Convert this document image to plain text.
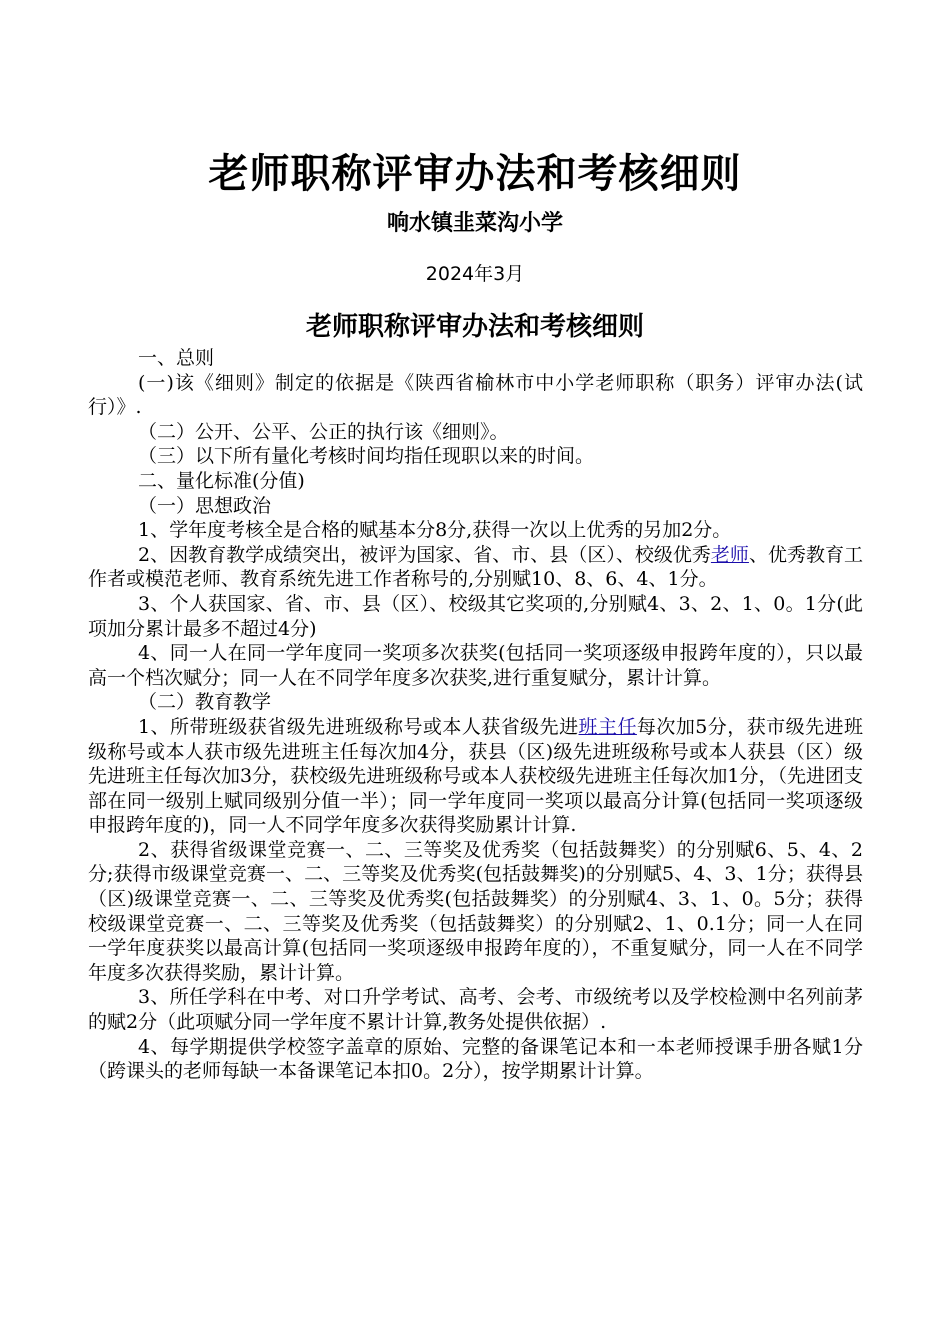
老师职称评审办法和考核细则
响水镇韭菜沟小学
2024年3月
老师职称评审办法和考核细则

一、总则

(一)该《细则》制定的依据是《陕西省榆林市中小学老师职称（职务）评审办法(试行）》.

（二）公开、公平、公正的执行该《细则》。

（三）以下所有量化考核时间均指任现职以来的时间。

二、量化标准(分值)

（一）思想政治

1、学年度考核全是合格的赋基本分8分,获得一次以上优秀的另加2分。

2、因教育教学成绩突出，被评为国家、省、市、县（区）、校级优秀老师、优秀教育工作者或模范老师、教育系统先进工作者称号的,分别赋10、8、6、4、1分。

3、个人获国家、省、市、县（区）、校级其它奖项的,分别赋4、3、2、1、0。1分(此项加分累计最多不超过4分)

4、同一人在同一学年度同一奖项多次获奖(包括同一奖项逐级申报跨年度的），只以最高一个档次赋分；同一人在不同学年度多次获奖,进行重复赋分，累计计算。

（二）教育教学

1、所带班级获省级先进班级称号或本人获省级先进班主任每次加5分，获市级先进班级称号或本人获市级先进班主任每次加4分，获县（区)级先进班级称号或本人获县（区）级先进班主任每次加3分，获校级先进班级称号或本人获校级先进班主任每次加1分，（先进团支部在同一级别上赋同级别分值一半）；同一学年度同一奖项以最高分计算(包括同一奖项逐级申报跨年度的)，同一人不同学年度多次获得奖励累计计算.

2、获得省级课堂竞赛一、二、三等奖及优秀奖（包括鼓舞奖）的分别赋6、5、4、2分;获得市级课堂竞赛一、二、三等奖及优秀奖(包括鼓舞奖)的分别赋5、4、3、1分；获得县（区)级课堂竞赛一、二、三等奖及优秀奖(包括鼓舞奖）的分别赋4、3、1、0。5分；获得校级课堂竞赛一、二、三等奖及优秀奖（包括鼓舞奖）的分别赋2、1、0.1分；同一人在同一学年度获奖以最高计算(包括同一奖项逐级申报跨年度的），不重复赋分，同一人在不同学年度多次获得奖励，累计计算。

3、所任学科在中考、对口升学考试、高考、会考、市级统考以及学校检测中名列前茅的赋2分（此项赋分同一学年度不累计计算,教务处提供依据）.

4、每学期提供学校签字盖章的原始、完整的备课笔记本和一本老师授课手册各赋1分（跨课头的老师每缺一本备课笔记本扣0。2分），按学期累计计算。
